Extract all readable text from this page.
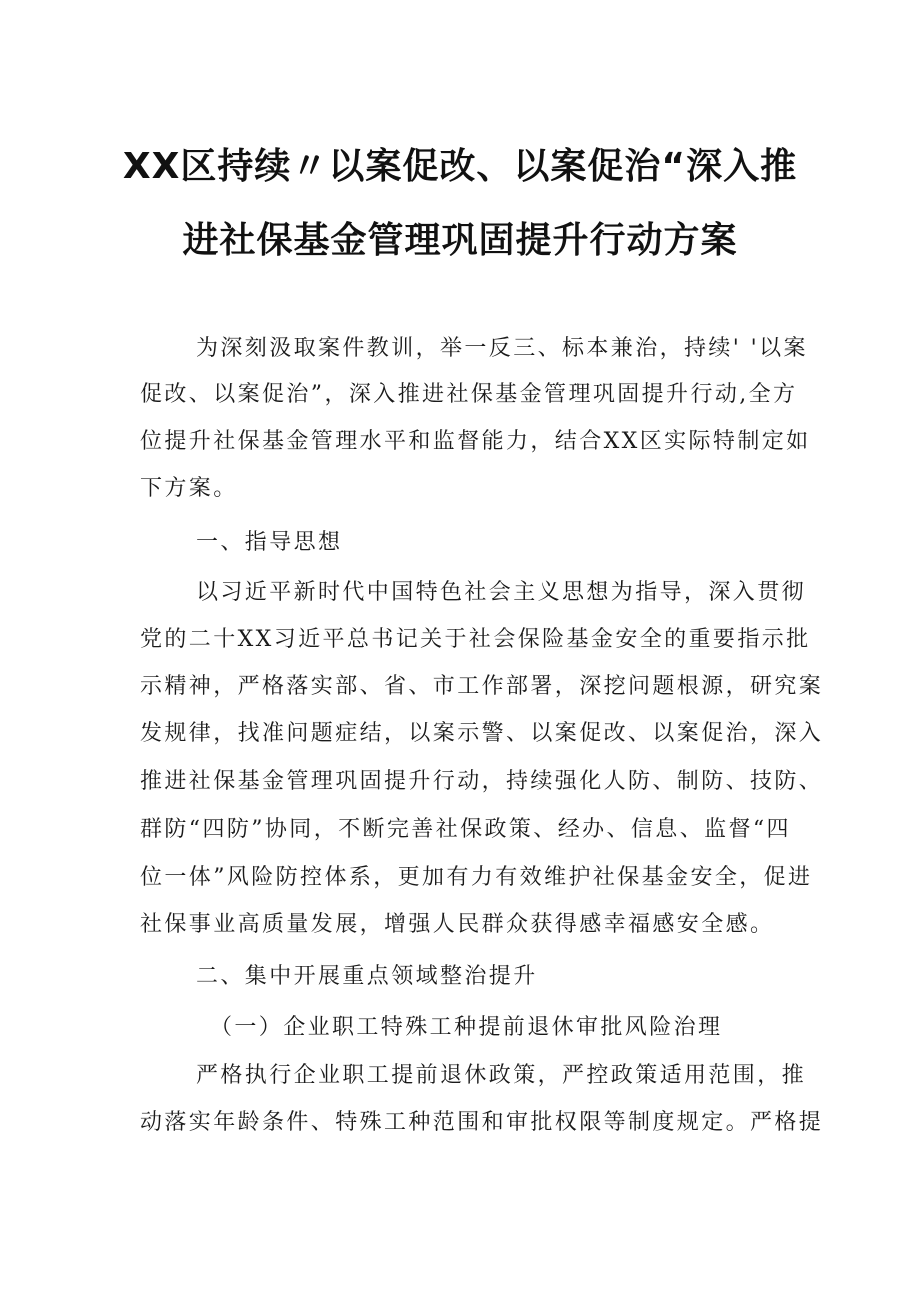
XX区持续〃以案促改、以案促治“深入推
进社保基金管理巩固提升行动方案
为深刻汲取案件教训，举一反三、标本兼治，持续' '以案
促改、以案促治”，深入推进社保基金管理巩固提升行动,全方
位提升社保基金管理水平和监督能力，结合XX区实际特制定如
下方案。
一、指导思想
以习近平新时代中国特色社会主义思想为指导，深入贯彻
党的二十XX习近平总书记关于社会保险基金安全的重要指示批
示精神，严格落实部、省、市工作部署，深挖问题根源，研究案
发规律，找准问题症结，以案示警、以案促改、以案促治，深入
推进社保基金管理巩固提升行动，持续强化人防、制防、技防、
群防“四防”协同，不断完善社保政策、经办、信息、监督“四
位一体”风险防控体系，更加有力有效维护社保基金安全，促进
社保事业高质量发展，增强人民群众获得感幸福感安全感。
二、集中开展重点领域整治提升
（一）企业职工特殊工种提前退休审批风险治理
严格执行企业职工提前退休政策，严控政策适用范围，推
动落实年龄条件、特殊工种范围和审批权限等制度规定。严格提
